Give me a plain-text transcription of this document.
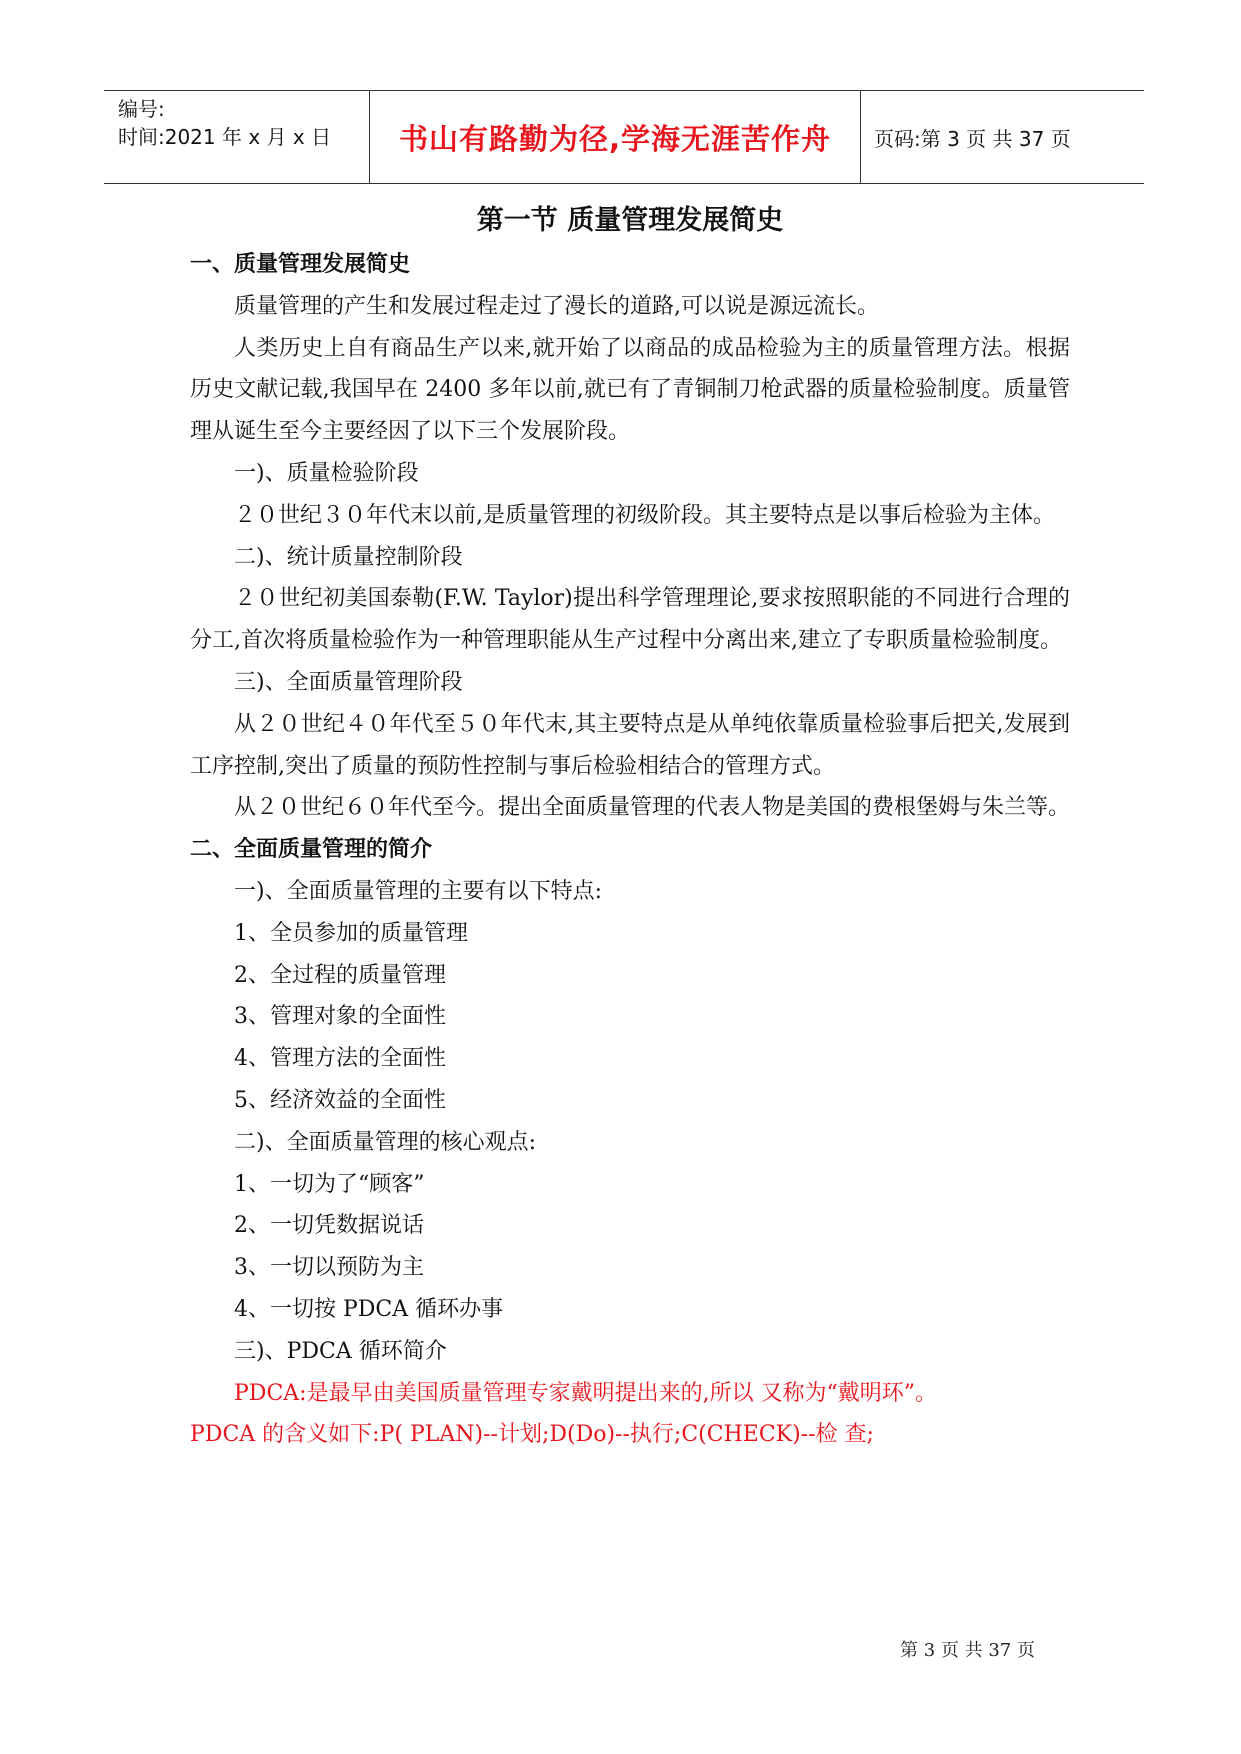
编号:
时间:2021 年 x 月 x 日	书山有路勤为径,学海无涯苦作舟	页码:第 3 页 共 37 页
第一节 质量管理发展简史

一、质量管理发展简史

质量管理的产生和发展过程走过了漫长的道路,可以说是源远流长。

人类历史上自有商品生产以来,就开始了以商品的成品检验为主的质量管理方法。根据历史文献记载,我国早在 2400 多年以前,就已有了青铜制刀枪武器的质量检验制度。质量管理从诞生至今主要经因了以下三个发展阶段。

一)、质量检验阶段

２０世纪３０年代末以前,是质量管理的初级阶段。其主要特点是以事后检验为主体。

二)、统计质量控制阶段

２０世纪初美国泰勒(F.W. Taylor)提出科学管理理论,要求按照职能的不同进行合理的分工,首次将质量检验作为一种管理职能从生产过程中分离出来,建立了专职质量检验制度。

三)、全面质量管理阶段

从２０世纪４０年代至５０年代末,其主要特点是从单纯依靠质量检验事后把关,发展到工序控制,突出了质量的预防性控制与事后检验相结合的管理方式。

从２０世纪６０年代至今。提出全面质量管理的代表人物是美国的费根堡姆与朱兰等。

二、全面质量管理的简介

一)、全面质量管理的主要有以下特点:

1、全员参加的质量管理

2、全过程的质量管理

3、管理对象的全面性

4、管理方法的全面性

5、经济效益的全面性

二)、全面质量管理的核心观点:

1、一切为了“顾客”

2、一切凭数据说话

3、一切以预防为主

4、一切按 PDCA 循环办事

三)、PDCA 循环简介

PDCA:是最早由美国质量管理专家戴明提出来的,所以 又称为“戴明环”。

PDCA 的含义如下:P( PLAN)--计划;D(Do)--执行;C(CHECK)--检 查;

第 3 页 共 37 页
